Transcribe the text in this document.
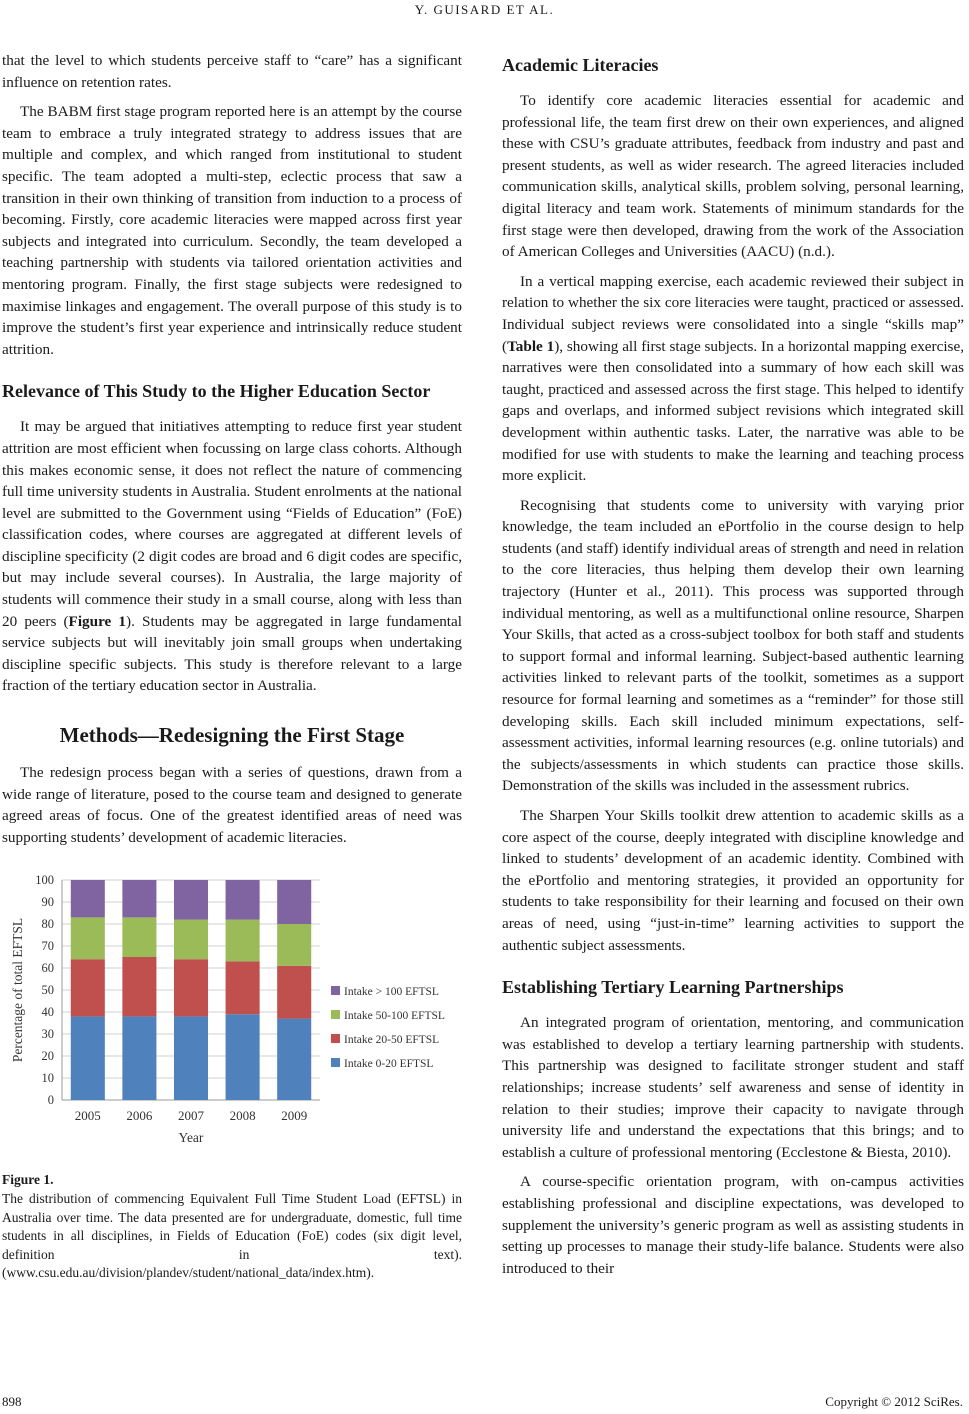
Y. GUISARD ET AL.

that the level to which students perceive staff to “care” has a significant influence on retention rates.

The BABM first stage program reported here is an attempt by the course team to embrace a truly integrated strategy to address issues that are multiple and complex, and which ranged from institutional to student specific. The team adopted a multi-step, eclectic process that saw a transition in their own thinking of transition from induction to a process of becoming. Firstly, core academic literacies were mapped across first year subjects and integrated into curriculum. Secondly, the team developed a teaching partnership with students via tailored orientation activities and mentoring program. Finally, the first stage subjects were redesigned to maximise linkages and engagement. The overall purpose of this study is to improve the student’s first year experience and intrinsically reduce student attrition.

Relevance of This Study to the Higher Education Sector

It may be argued that initiatives attempting to reduce first year student attrition are most efficient when focussing on large class cohorts. Although this makes economic sense, it does not reflect the nature of commencing full time university students in Australia. Student enrolments at the national level are submitted to the Government using “Fields of Education” (FoE) classification codes, where courses are aggregated at different levels of discipline specificity (2 digit codes are broad and 6 digit codes are specific, but may include several courses). In Australia, the large majority of students will commence their study in a small course, along with less than 20 peers (Figure 1). Students may be aggregated in large fundamental service subjects but will inevitably join small groups when undertaking discipline specific subjects. This study is therefore relevant to a large fraction of the tertiary education sector in Australia.

Methods—Redesigning the First Stage

The redesign process began with a series of questions, drawn from a wide range of literature, posed to the course team and designed to generate agreed areas of focus. One of the greatest identified areas of need was supporting students’ development of academic literacies.

0
10
20
30
40
50
60
70
80
90
100
2005 2006 2007 2008 2009
Year
Percentage of total EFTSL	Intake > 100 EFTSL
Intake 50-100 EFTSL
Intake 20-50 EFTSL
Intake 0-20 EFTSL
Figure 1.

The distribution of commencing Equivalent Full Time Student Load (EFTSL) in Australia over time. The data presented are for undergraduate, domestic, full time students in all disciplines, in Fields of Education (FoE) codes (six digit level, definition in text). (www.csu.edu.au/division/plandev/student/national_data/index.htm).

Academic Literacies

To identify core academic literacies essential for academic and professional life, the team first drew on their own experiences, and aligned these with CSU’s graduate attributes, feedback from industry and past and present students, as well as wider research. The agreed literacies included communication skills, analytical skills, problem solving, personal learning, digital literacy and team work. Statements of minimum standards for the first stage were then developed, drawing from the work of the Association of American Colleges and Universities (AACU) (n.d.).

In a vertical mapping exercise, each academic reviewed their subject in relation to whether the six core literacies were taught, practiced or assessed. Individual subject reviews were consolidated into a single “skills map” (Table 1), showing all first stage subjects. In a horizontal mapping exercise, narratives were then consolidated into a summary of how each skill was taught, practiced and assessed across the first stage. This helped to identify gaps and overlaps, and informed subject revisions which integrated skill development within authentic tasks. Later, the narrative was able to be modified for use with students to make the learning and teaching process more explicit.

Recognising that students come to university with varying prior knowledge, the team included an ePortfolio in the course design to help students (and staff) identify individual areas of strength and need in relation to the core literacies, thus helping them develop their own learning trajectory (Hunter et al., 2011). This process was supported through individual mentoring, as well as a multifunctional online resource, Sharpen Your Skills, that acted as a cross-subject toolbox for both staff and students to support formal and informal learning. Subject-based authentic learning activities linked to relevant parts of the toolkit, sometimes as a support resource for formal learning and sometimes as a “reminder” for those still developing skills. Each skill included minimum expectations, self-assessment activities, informal learning resources (e.g. online tutorials) and the subjects/assessments in which students can practice those skills. Demonstration of the skills was included in the assessment rubrics.

The Sharpen Your Skills toolkit drew attention to academic skills as a core aspect of the course, deeply integrated with discipline knowledge and linked to students’ development of an academic identity. Combined with the ePortfolio and mentoring strategies, it provided an opportunity for students to take responsibility for their learning and focused on their own areas of need, using “just-in-time” learning activities to support the authentic subject assessments.

Establishing Tertiary Learning Partnerships

An integrated program of orientation, mentoring, and communication was established to develop a tertiary learning partnership with students. This partnership was designed to facilitate stronger student and staff relationships; increase students’ self awareness and sense of identity in relation to their studies; improve their capacity to navigate through university life and understand the expectations that this brings; and to establish a culture of professional mentoring (Ecclestone & Biesta, 2010).

A course-specific orientation program, with on-campus activities establishing professional and discipline expectations, was developed to supplement the university’s generic program as well as assisting students in setting up processes to manage their study-life balance. Students were also introduced to their

898	Copyright © 2012 SciRes.
